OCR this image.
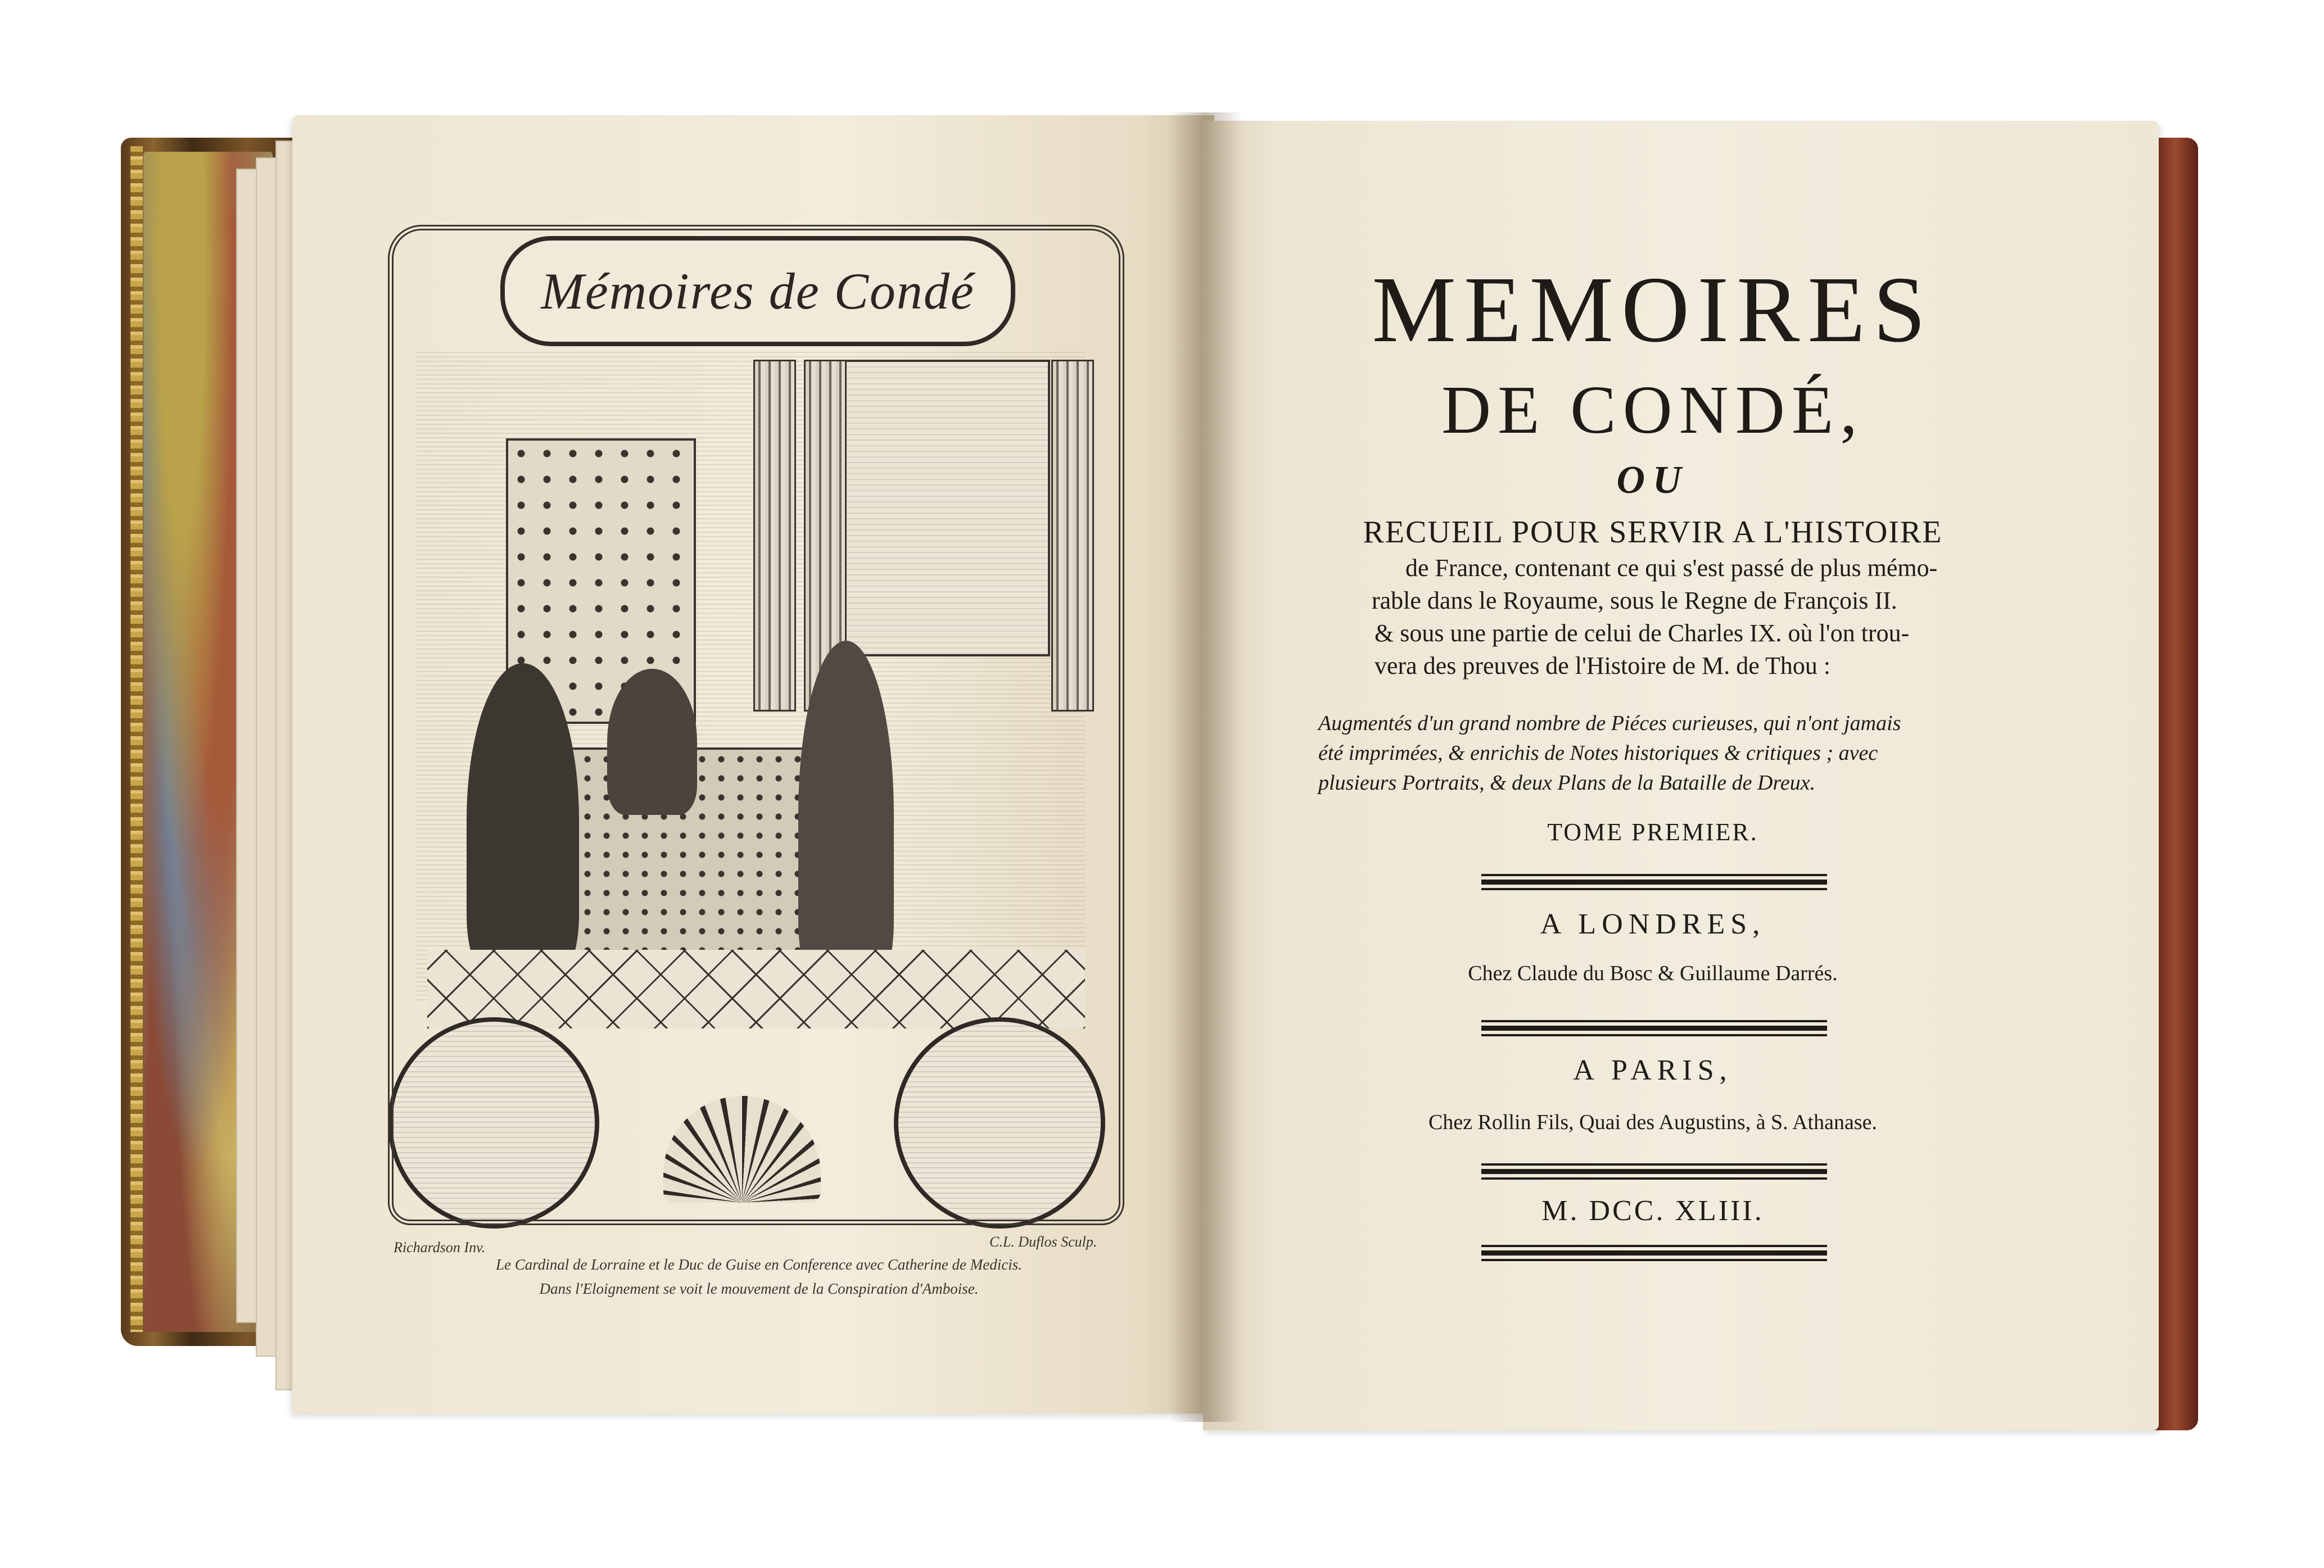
Mémoires de Condé
Richardson Inv.	C.L. Duflos Sculp.
Le Cardinal de Lorraine et le Duc de Guise en Conference avec Catherine de Medicis.
Dans l'Eloignement se voit le mouvement de la Conspiration d'Amboise.
MEMOIRES
DE CONDÉ,
OU
RECUEIL POUR SERVIR A L'HISTOIRE
de France, contenant ce qui s'est passé de plus mémo-
rable dans le Royaume, sous le Regne de François II.
& sous une partie de celui de Charles IX. où l'on trou-
vera des preuves de l'Histoire de M. de Thou :
Augmentés d'un grand nombre de Piéces curieuses, qui n'ont jamais
été imprimées, & enrichis de Notes historiques & critiques ; avec
plusieurs Portraits, & deux Plans de la Bataille de Dreux.
TOME PREMIER.
A LONDRES,
Chez Claude du Bosc & Guillaume Darrés.
A PARIS,
Chez Rollin Fils, Quai des Augustins, à S. Athanase.
M. DCC. XLIII.
